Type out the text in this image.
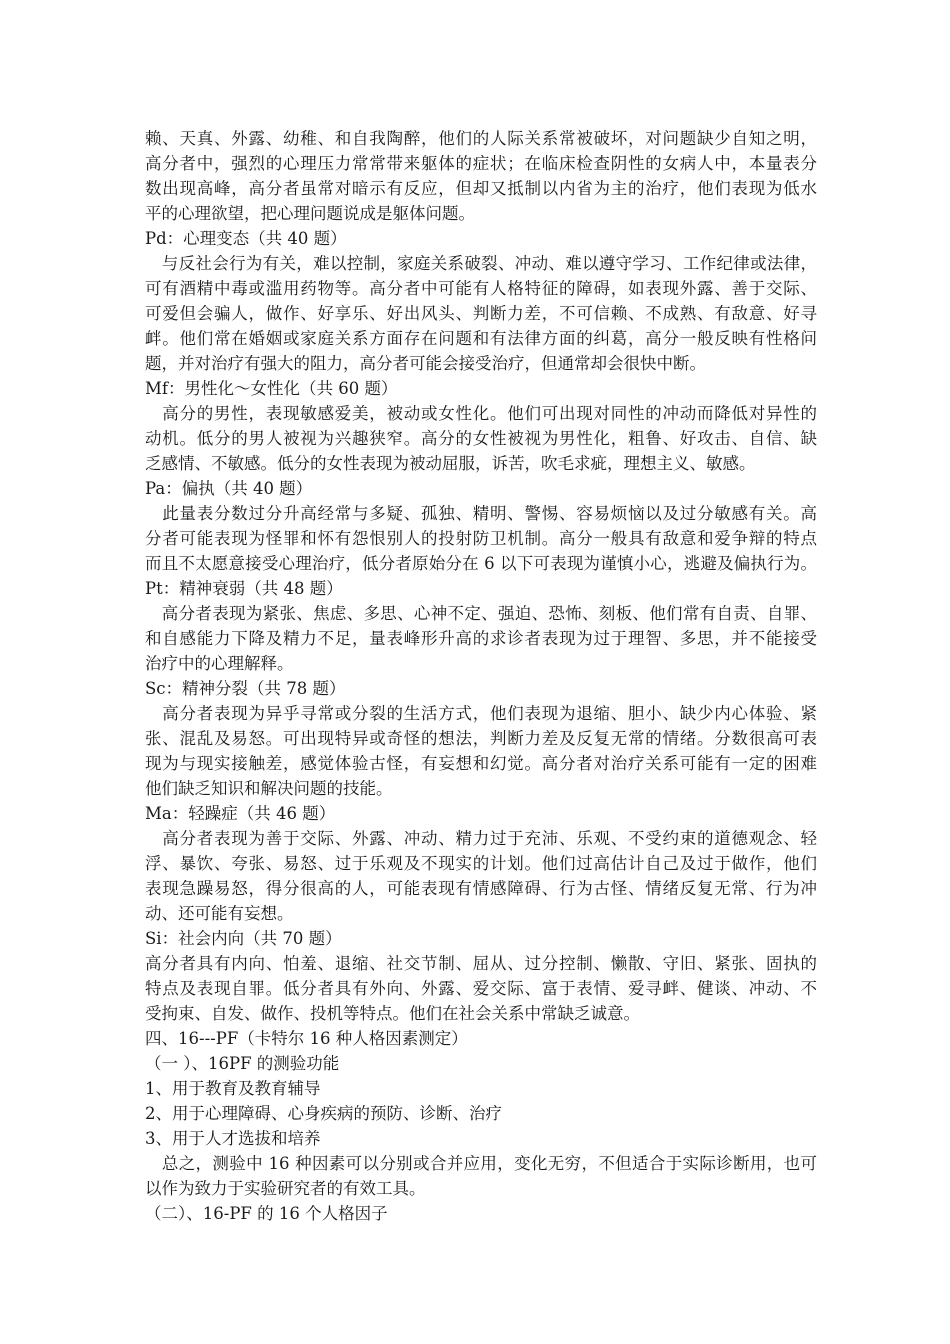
赖、天真、外露、幼稚、和自我陶醉，他们的人际关系常被破坏，对问题缺少自知之明，
高分者中，强烈的心理压力常常带来躯体的症状；在临床检查阴性的女病人中，本量表分
数出现高峰，高分者虽常对暗示有反应，但却又抵制以内省为主的治疗，他们表现为低水
平的心理欲望，把心理问题说成是躯体问题。
Pd：心理变态（共 40 题）
　与反社会行为有关，难以控制，家庭关系破裂、冲动、难以遵守学习、工作纪律或法律，
可有酒精中毒或滥用药物等。高分者中可能有人格特征的障碍，如表现外露、善于交际、
可爱但会骗人，做作、好享乐、好出风头、判断力差，不可信赖、不成熟、有敌意、好寻
衅。他们常在婚姻或家庭关系方面存在问题和有法律方面的纠葛，高分一般反映有性格问
题，并对治疗有强大的阻力，高分者可能会接受治疗，但通常却会很快中断。
Mf：男性化～女性化（共 60 题）
　高分的男性，表现敏感爱美，被动或女性化。他们可出现对同性的冲动而降低对异性的
动机。低分的男人被视为兴趣狭窄。高分的女性被视为男性化，粗鲁、好攻击、自信、缺
乏感情、不敏感。低分的女性表现为被动屈服，诉苦，吹毛求疵，理想主义、敏感。
Pa：偏执（共 40 题）
　此量表分数过分升高经常与多疑、孤独、精明、警惕、容易烦恼以及过分敏感有关。高
分者可能表现为怪罪和怀有怨恨别人的投射防卫机制。高分一般具有敌意和爱争辩的特点
而且不太愿意接受心理治疗，低分者原始分在 6 以下可表现为谨慎小心，逃避及偏执行为。
Pt：精神衰弱（共 48 题）
　高分者表现为紧张、焦虑、多思、心神不定、强迫、恐怖、刻板、他们常有自责、自罪、
和自感能力下降及精力不足，量表峰形升高的求诊者表现为过于理智、多思，并不能接受
治疗中的心理解释。
Sc：精神分裂（共 78 题）
　高分者表现为异乎寻常或分裂的生活方式，他们表现为退缩、胆小、缺少内心体验、紧
张、混乱及易怒。可出现特异或奇怪的想法，判断力差及反复无常的情绪。分数很高可表
现为与现实接触差，感觉体验古怪，有妄想和幻觉。高分者对治疗关系可能有一定的困难
他们缺乏知识和解决问题的技能。
Ma：轻躁症（共 46 题）
　高分者表现为善于交际、外露、冲动、精力过于充沛、乐观、不受约束的道德观念、轻
浮、暴饮、夸张、易怒、过于乐观及不现实的计划。他们过高估计自己及过于做作，他们
表现急躁易怒，得分很高的人，可能表现有情感障碍、行为古怪、情绪反复无常、行为冲
动、还可能有妄想。
Si：社会内向（共 70 题）
高分者具有内向、怕羞、退缩、社交节制、屈从、过分控制、懒散、守旧、紧张、固执的
特点及表现自罪。低分者具有外向、外露、爱交际、富于表情、爱寻衅、健谈、冲动、不
受拘束、自发、做作、投机等特点。他们在社会关系中常缺乏诚意。
四、16---PF（卡特尔 16 种人格因素测定）
（一 ）、16PF 的测验功能
1、用于教育及教育辅导
2、用于心理障碍、心身疾病的预防、诊断、治疗
3、用于人才选拔和培养
　总之，测验中 16 种因素可以分别或合并应用，变化无穷，不但适合于实际诊断用，也可
以作为致力于实验研究者的有效工具。
（二）、16-PF 的 16 个人格因子
